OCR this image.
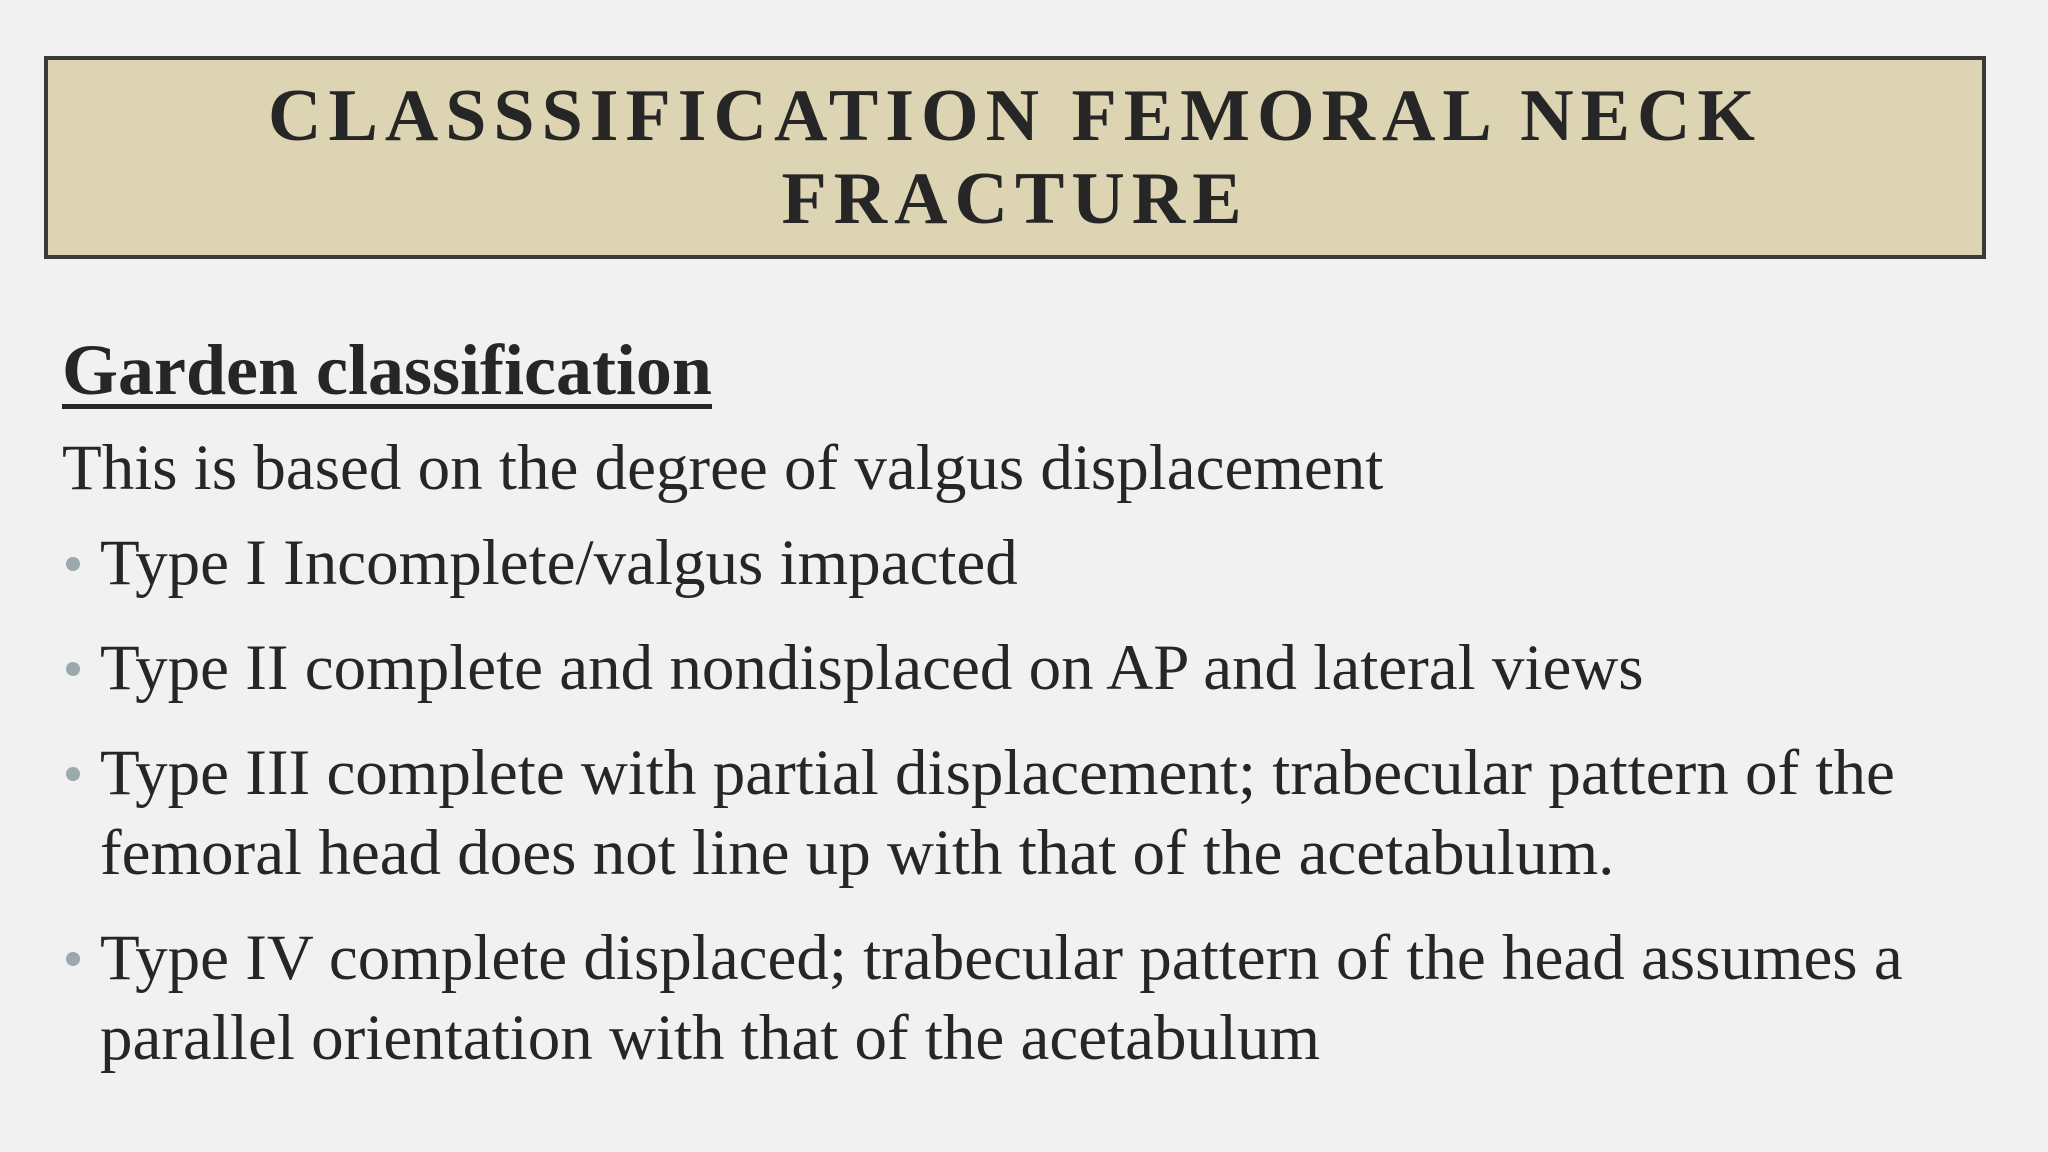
CLASSSIFICATION FEMORAL NECK FRACTURE
Garden classification

This is based on the degree of valgus displacement

Type I Incomplete/valgus impacted
Type II complete and nondisplaced on AP and lateral views
Type III complete with partial displacement; trabecular pattern of the femoral head does not line up with that of the acetabulum.
Type IV complete displaced; trabecular pattern of the head assumes a parallel orientation with that of the acetabulum
